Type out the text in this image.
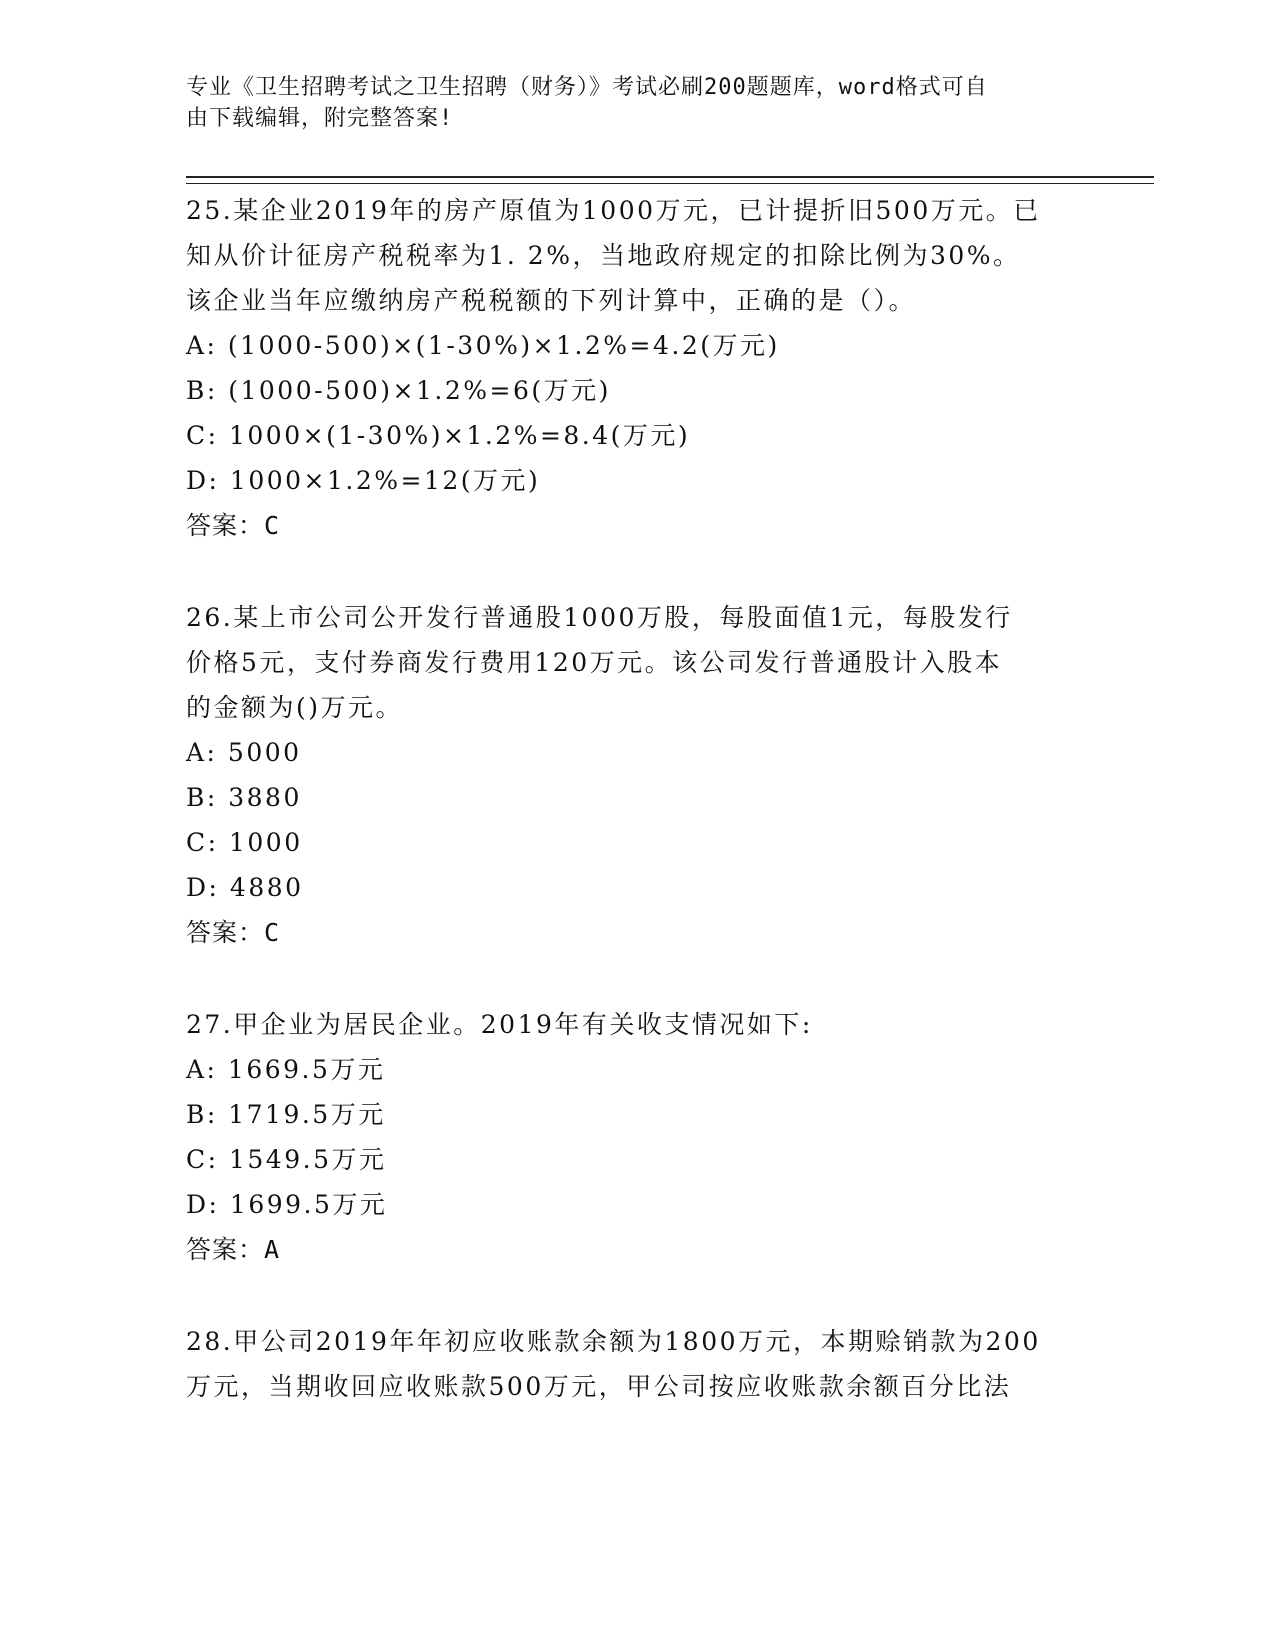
专业《卫生招聘考试之卫生招聘（财务）》考试必刷200题题库，word格式可自
由下载编辑，附完整答案!

25.某企业2019年的房产原值为1000万元，已计提折旧500万元。已

知从价计征房产税税率为1. 2%，当地政府规定的扣除比例为30%。

该企业当年应缴纳房产税税额的下列计算中，正确的是（）。

A: (1000-500)×(1-30%)×1.2%=4.2(万元)

B: (1000-500)×1.2%=6(万元)

C: 1000×(1-30%)×1.2%=8.4(万元)

D: 1000×1.2%=12(万元)

答案：C

26.某上市公司公开发行普通股1000万股，每股面值1元，每股发行

价格5元，支付券商发行费用120万元。该公司发行普通股计入股本

的金额为()万元。

A: 5000

B: 3880

C: 1000

D: 4880

答案：C

27.甲企业为居民企业。2019年有关收支情况如下:

A: 1669.5万元

B: 1719.5万元

C: 1549.5万元

D: 1699.5万元

答案：A

28.甲公司2019年年初应收账款余额为1800万元，本期赊销款为200

万元，当期收回应收账款500万元，甲公司按应收账款余额百分比法
